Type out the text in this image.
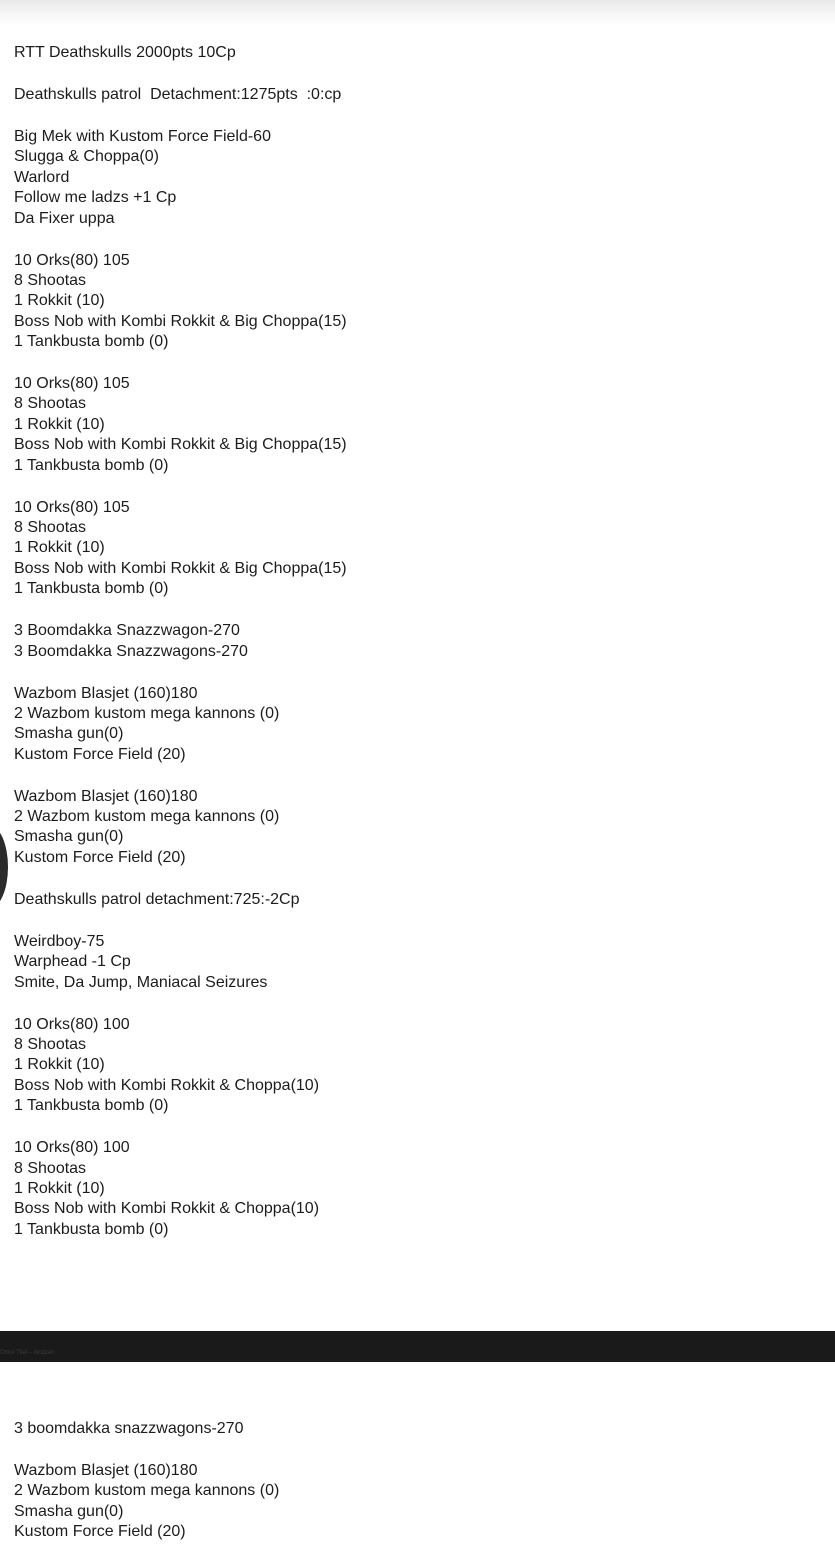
RTT Deathskulls 2000pts 10Cp
Deathskulls patrol  Detachment:1275pts  :0:cp
Big Mek with Kustom Force Field-60
Slugga & Choppa(0)
Warlord
Follow me ladzs +1 Cp
Da Fixer uppa
10 Orks(80) 105
8 Shootas
1 Rokkit (10)
Boss Nob with Kombi Rokkit & Big Choppa(15)
1 Tankbusta bomb (0)
10 Orks(80) 105
8 Shootas
1 Rokkit (10)
Boss Nob with Kombi Rokkit & Big Choppa(15)
1 Tankbusta bomb (0)
10 Orks(80) 105
8 Shootas
1 Rokkit (10)
Boss Nob with Kombi Rokkit & Big Choppa(15)
1 Tankbusta bomb (0)
3 Boomdakka Snazzwagon-270
3 Boomdakka Snazzwagons-270
Wazbom Blasjet (160)180
2 Wazbom kustom mega kannons (0)
Smasha gun(0)
Kustom Force Field (20)
Wazbom Blasjet (160)180
2 Wazbom kustom mega kannons (0)
Smasha gun(0)
Kustom Force Field (20)
Deathskulls patrol detachment:725:-2Cp
Weirdboy-75
Warphead -1 Cp
Smite, Da Jump, Maniacal Seizures
10 Orks(80) 100
8 Shootas
1 Rokkit (10)
Boss Nob with Kombi Rokkit & Choppa(10)
1 Tankbusta bomb (0)
10 Orks(80) 100
8 Shootas
1 Rokkit (10)
Boss Nob with Kombi Rokkit & Choppa(10)
1 Tankbusta bomb (0)
Ohne Titel – Notizen
3 boomdakka snazzwagons-270
Wazbom Blasjet (160)180
2 Wazbom kustom mega kannons (0)
Smasha gun(0)
Kustom Force Field (20)
